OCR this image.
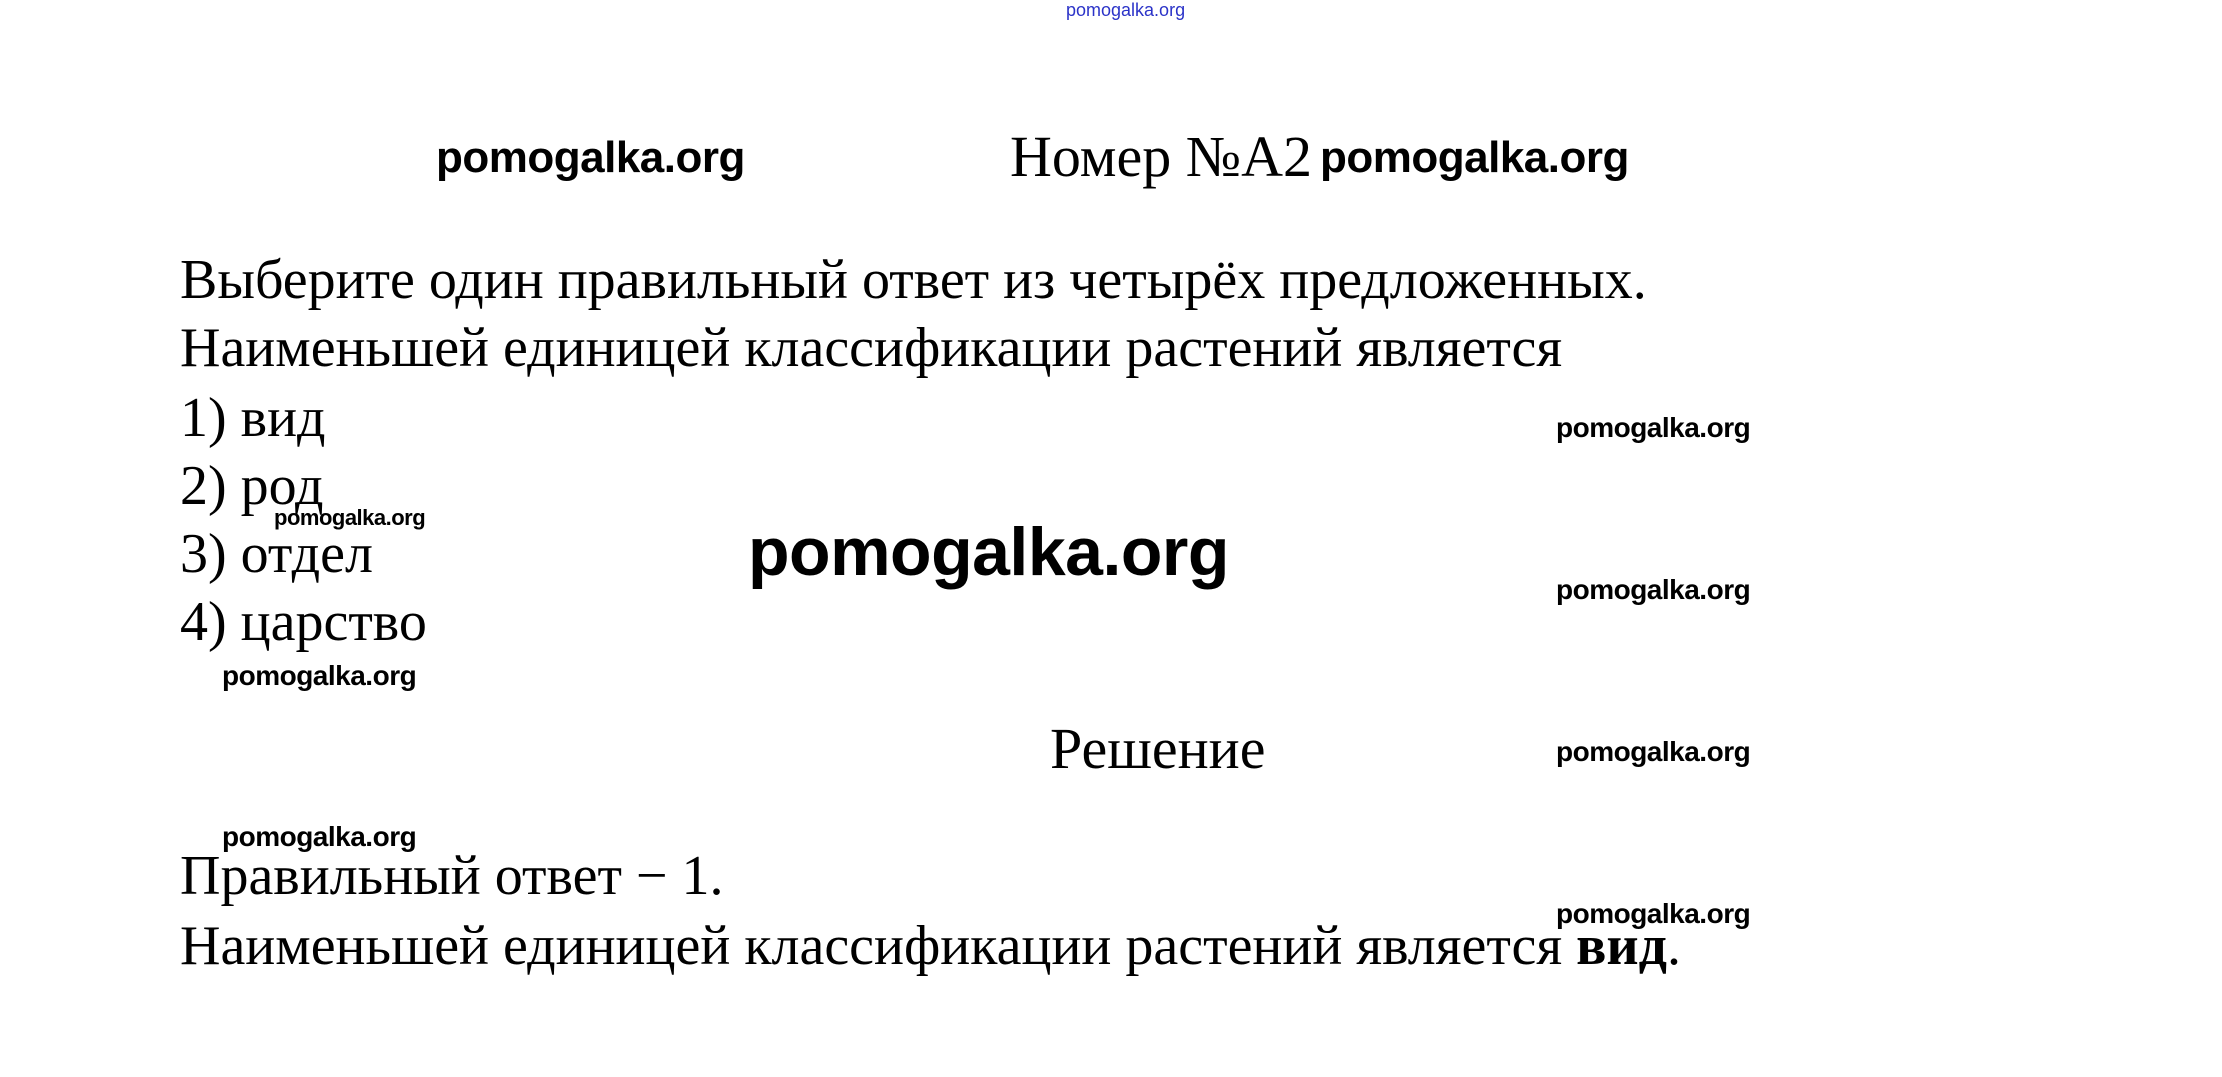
pomogalka.org
pomogalka.org	Номер №A2 pomogalka.org
Выберите один правильный ответ из четырёх предложенных.
Наименьшей единицей классификации растений является
1) вид
2) род
3) отдел
4) царство
Решение
Правильный ответ − 1.
Наименьшей единицей классификации растений является вид.
pomogalka.org
pomogalka.org
pomogalka.org
pomogalka.org
pomogalka.org
pomogalka.org
pomogalka.org
pomogalka.org
